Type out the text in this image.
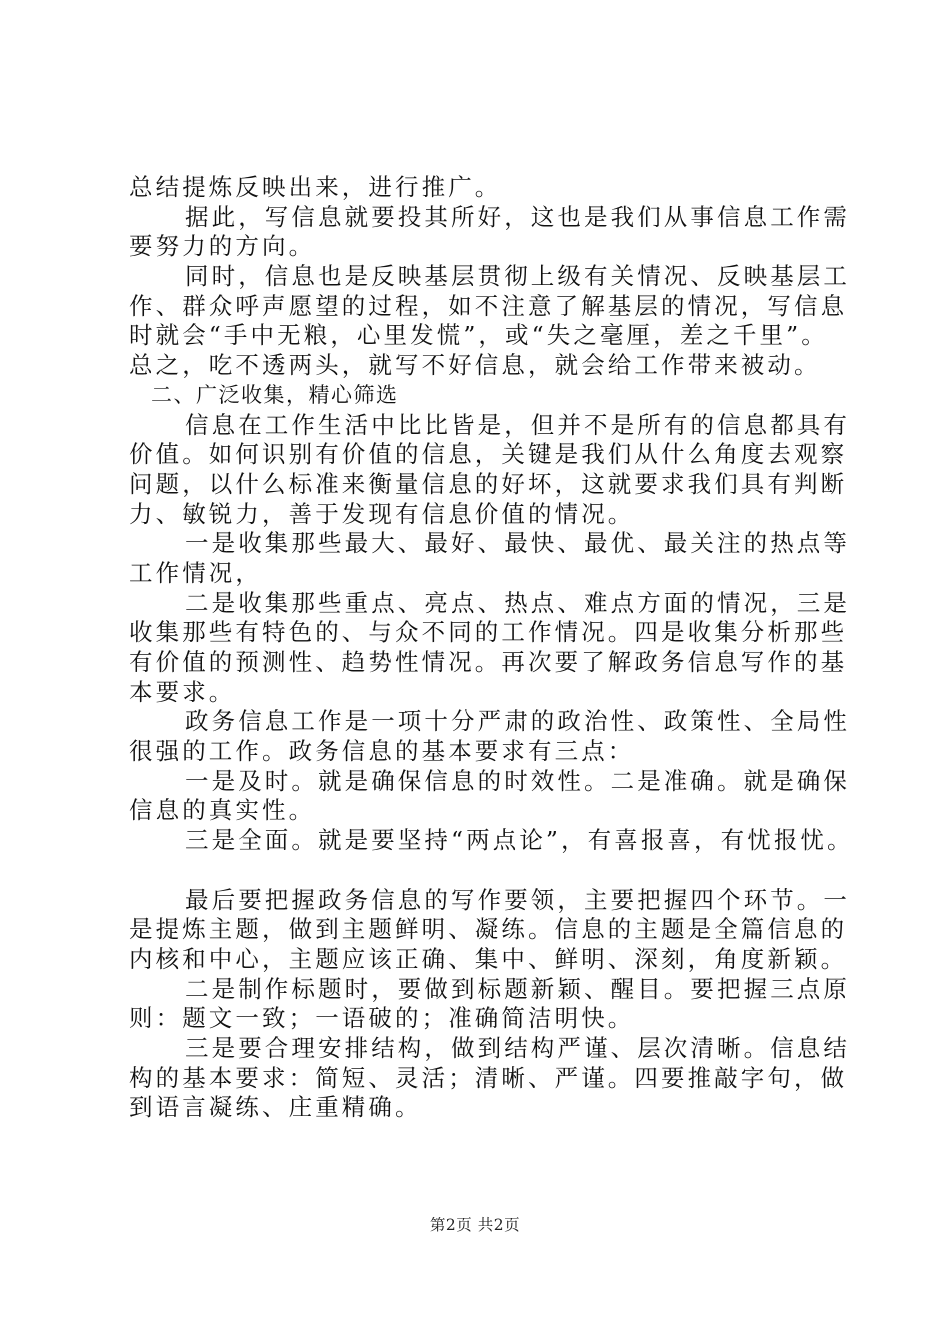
总结提炼反映出来，进行推广。
据此，写信息就要投其所好，这也是我们从事信息工作需
要努力的方向。
同时，信息也是反映基层贯彻上级有关情况、反映基层工
作、群众呼声愿望的过程，如不注意了解基层的情况，写信息
时就会“手中无粮，心里发慌”，或“失之毫厘，差之千里”。
总之，吃不透两头，就写不好信息，就会给工作带来被动。
二、广泛收集，精心筛选
信息在工作生活中比比皆是，但并不是所有的信息都具有
价值。如何识别有价值的信息，关键是我们从什么角度去观察
问题，以什么标准来衡量信息的好坏，这就要求我们具有判断
力、敏锐力，善于发现有信息价值的情况。
一是收集那些最大、最好、最快、最优、最关注的热点等
工作情况，
二是收集那些重点、亮点、热点、难点方面的情况，三是
收集那些有特色的、与众不同的工作情况。四是收集分析那些
有价值的预测性、趋势性情况。再次要了解政务信息写作的基
本要求。
政务信息工作是一项十分严肃的政治性、政策性、全局性
很强的工作。政务信息的基本要求有三点：
一是及时。就是确保信息的时效性。二是准确。就是确保
信息的真实性。
三是全面。就是要坚持“两点论”，有喜报喜，有忧报忧。
最后要把握政务信息的写作要领，主要把握四个环节。一
是提炼主题，做到主题鲜明、凝练。信息的主题是全篇信息的
内核和中心，主题应该正确、集中、鲜明、深刻，角度新颖。
二是制作标题时，要做到标题新颖、醒目。要把握三点原
则：题文一致；一语破的；准确简洁明快。
三是要合理安排结构，做到结构严谨、层次清晰。信息结
构的基本要求：简短、灵活；清晰、严谨。四要推敲字句，做
到语言凝练、庄重精确。
第2页 共2页
